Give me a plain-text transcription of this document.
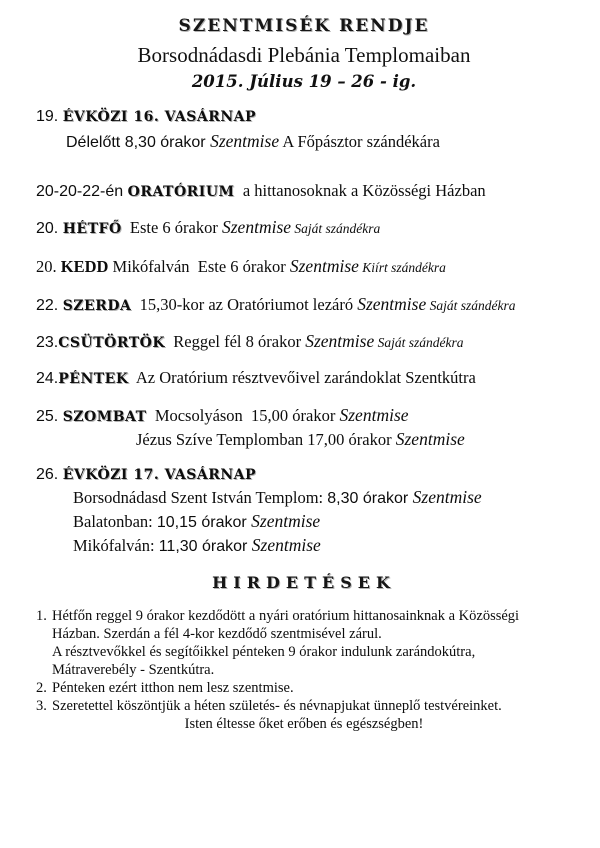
SZENTMISÉK RENDJE
Borsodnádasdi Plebánia Templomaiban
2015. Július 19 – 26 - ig.
19. ÉVKÖZI 16. VASÁRNAP
Délelőtt 8,30 órakor Szentmise A Főpásztor szándékára
20-20-22-én ORATÓRIUM  a hittanosoknak a Közösségi Házban
20. HÉTFŐ  Este 6 órakor Szentmise Saját szándékra
20. KEDD Mikófalván  Este 6 órakor Szentmise Kiírt szándékra
22. SZERDA  15,30-kor az Oratóriumot lezáró Szentmise Saját szándékra
23.CSÜTÖRTÖK  Reggel fél 8 órakor Szentmise Saját szándékra
24.PÉNTEK  Az Oratórium résztvevőivel zarándoklat Szentkútra
25. SZOMBAT  Mocsolyáson  15,00 órakor Szentmise
Jézus Szíve Templomban 17,00 órakor Szentmise
26. ÉVKÖZI 17. VASÁRNAP
Borsodnádasd Szent István Templom: 8,30 órakor Szentmise
Balatonban: 10,15 órakor Szentmise
Mikófalván: 11,30 órakor Szentmise
HIRDETÉSEK
1. Hétfőn reggel 9 órakor kezdődött a nyári oratórium hittanosainknak a Közösségi
Házban. Szerdán a fél 4-kor kezdődő szentmisével zárul.
A résztvevőkkel és segítőikkel pénteken 9 órakor indulunk zarándokútra,
Mátraverebély - Szentkútra.
2. Pénteken ezért itthon nem lesz szentmise.
3. Szeretettel köszöntjük a héten születés- és névnapjukat ünneplő testvéreinket.
Isten éltesse őket erőben és egészségben!
